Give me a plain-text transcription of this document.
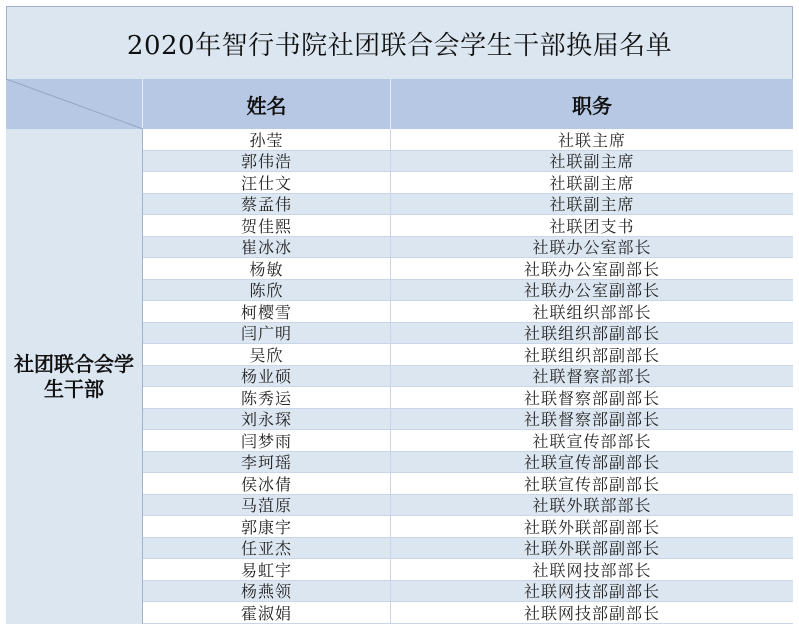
2020年智行书院社团联合会学生干部换届名单
姓名	职务
社团联合会学生干部
孙莹	社联主席
郭伟浩	社联副主席
汪仕文	社联副主席
蔡孟伟	社联副主席
贺佳熙	社联团支书
崔冰冰	社联办公室部长
杨敏	社联办公室副部长
陈欣	社联办公室副部长
柯樱雪	社联组织部部长
闫广明	社联组织部副部长
吴欣	社联组织部副部长
杨业硕	社联督察部部长
陈秀运	社联督察部副部长
刘永琛	社联督察部副部长
闫梦雨	社联宣传部部长
李珂瑶	社联宣传部副部长
侯冰倩	社联宣传部副部长
马菹原	社联外联部部长
郭康宇	社联外联部副部长
任亚杰	社联外联部副部长
易虹宇	社联网技部部长
杨燕领	社联网技部副部长
霍淑娟	社联网技部副部长
